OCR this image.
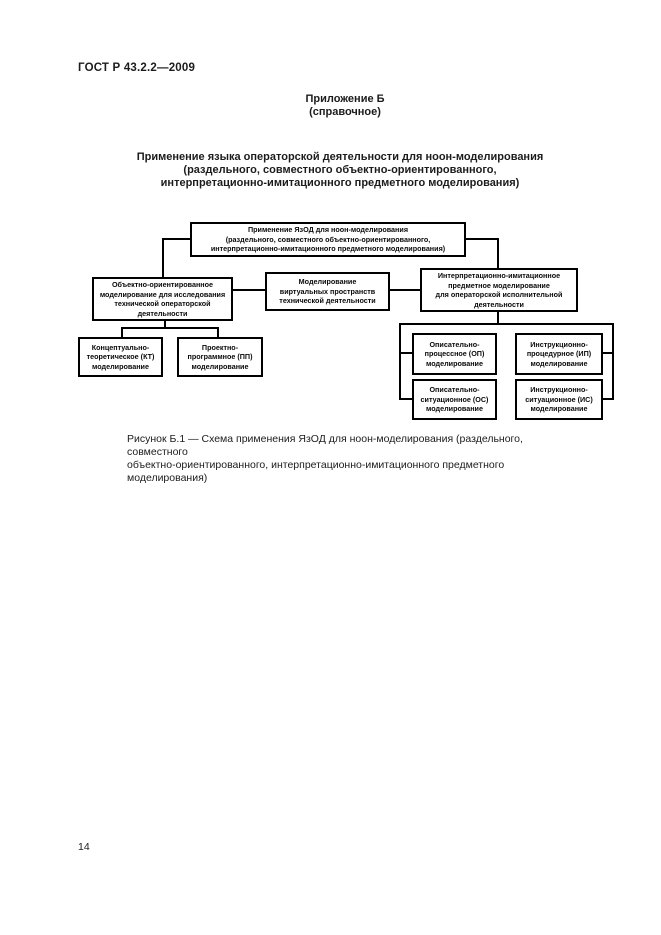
ГОСТ Р 43.2.2—2009
Приложение Б
(справочное)
Применение языка операторской деятельности для ноон-моделирования
(раздельного, совместного объектно-ориентированного,
интерпретационно-имитационного предметного моделирования)
Применение ЯзОД для ноон-моделирования
(раздельного, совместного объектно-ориентированного,
интерпретационно-имитационного предметного моделирования)
Объектно-ориентированное
моделирование для исследования
технической операторской
деятельности
Моделирование
виртуальных пространств
технической деятельности
Интерпретационно-имитационное
предметное моделирование
для операторской исполнительной
деятельности
Концептуально-
теоретическое (КТ)
моделирование
Проектно-
программное (ПП)
моделирование
Описательно-
процессное (ОП)
моделирование
Инструкционно-
процедурное (ИП)
моделирование
Описательно-
ситуационное (ОС)
моделирование
Инструкционно-
ситуационное (ИС)
моделирование
Рисунок Б.1 — Схема применения ЯзОД для ноон-моделирования (раздельного, совместного
объектно-ориентированного, интерпретационно-имитационного предметного моделирования)
14
